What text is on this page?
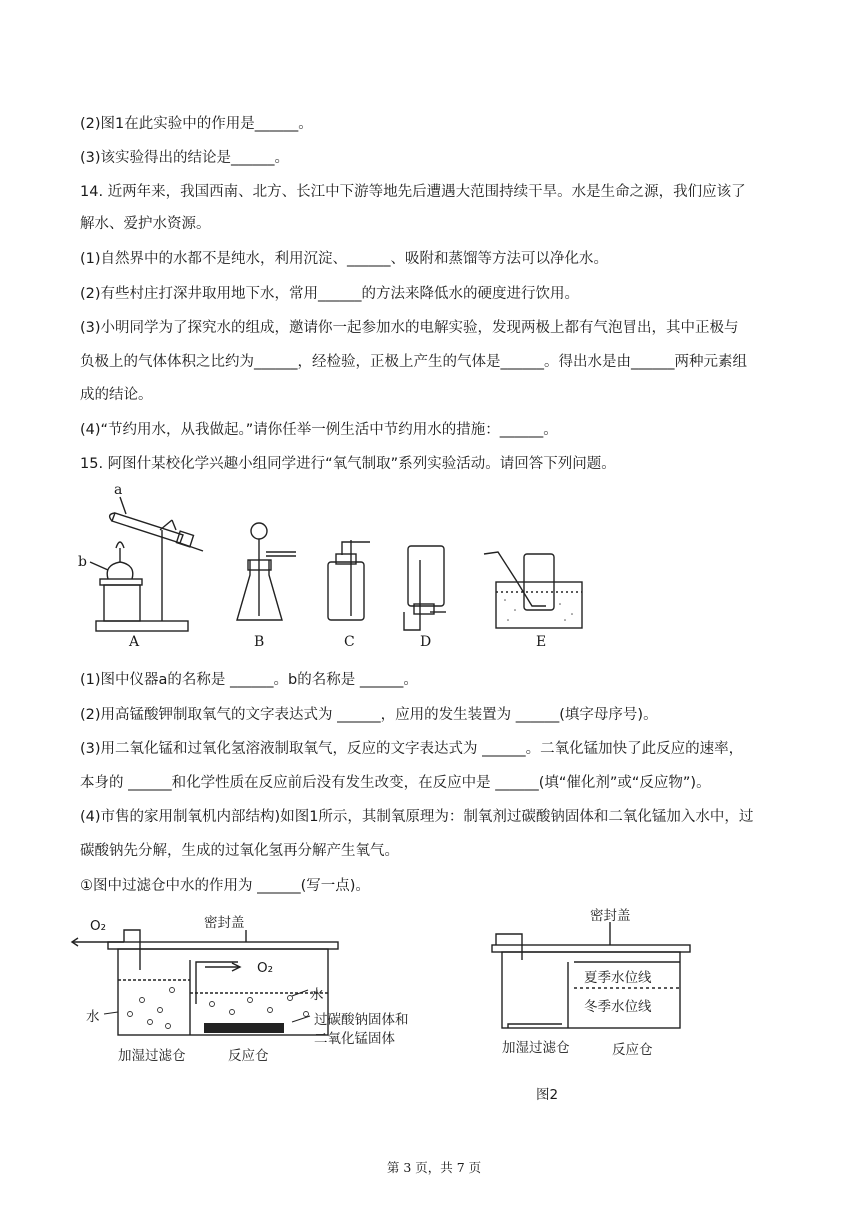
(2)图1在此实验中的作用是______。
(3)该实验得出的结论是______。
14. 近两年来，我国西南、北方、长江中下游等地先后遭遇大范围持续干旱。水是生命之源，我们应该了
解水、爱护水资源。
(1)自然界中的水都不是纯水，利用沉淀、______、吸附和蒸馏等方法可以净化水。
(2)有些村庄打深井取用地下水，常用______的方法来降低水的硬度进行饮用。
(3)小明同学为了探究水的组成，邀请你一起参加水的电解实验，发现两极上都有气泡冒出，其中正极与
负极上的气体体积之比约为______，经检验，正极上产生的气体是______。得出水是由______两种元素组
成的结论。
(4)“节约用水，从我做起。”请你任举一例生活中节约用水的措施：______。
15. 阿图什某校化学兴趣小组同学进行“氧气制取”系列实验活动。请回答下列问题。
a
b
A	B	C	D	E
(1)图中仪器a的名称是 ______。b的名称是 ______。
(2)用高锰酸钾制取氧气的文字表达式为 ______，应用的发生装置为 ______(填字母序号)。
(3)用二氧化锰和过氧化氢溶液制取氧气，反应的文字表达式为 ______。二氧化锰加快了此反应的速率，
本身的 ______和化学性质在反应前后没有发生改变，在反应中是 ______(填“催化剂”或“反应物”)。
(4)市售的家用制氧机内部结构)如图1所示，其制氧原理为：制氧剂过碳酸钠固体和二氧化锰加入水中，过
碳酸钠先分解，生成的过氧化氢再分解产生氧气。
①图中过滤仓中水的作用为 ______(写一点)。
O₂	密封盖
O₂
水
水	过碳酸钠固体和
二氧化锰固体
加湿过滤仓	反应仓
密封盖
夏季水位线
冬季水位线
加湿过滤仓	反应仓
图2
第 3 页，共 7 页
